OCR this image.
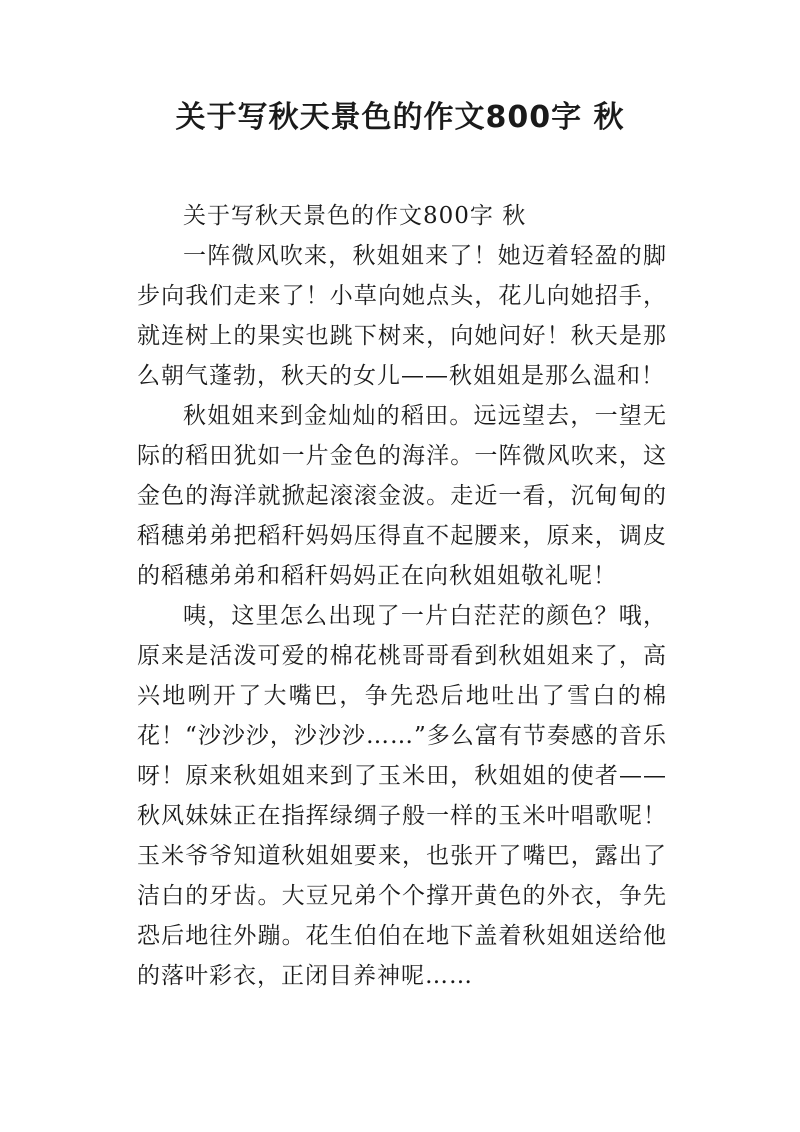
关于写秋天景色的作文800字 秋

关于写秋天景色的作文800字 秋

一阵微风吹来，秋姐姐来了！她迈着轻盈的脚步向我们走来了！小草向她点头，花儿向她招手，就连树上的果实也跳下树来，向她问好！秋天是那么朝气蓬勃，秋天的女儿——秋姐姐是那么温和！

秋姐姐来到金灿灿的稻田。远远望去，一望无际的稻田犹如一片金色的海洋。一阵微风吹来，这金色的海洋就掀起滚滚金波。走近一看，沉甸甸的稻穗弟弟把稻秆妈妈压得直不起腰来，原来，调皮的稻穗弟弟和稻秆妈妈正在向秋姐姐敬礼呢！

咦，这里怎么出现了一片白茫茫的颜色？哦，原来是活泼可爱的棉花桃哥哥看到秋姐姐来了，高兴地咧开了大嘴巴，争先恐后地吐出了雪白的棉花！“沙沙沙，沙沙沙……”多么富有节奏感的音乐呀！原来秋姐姐来到了玉米田，秋姐姐的使者——秋风妹妹正在指挥绿绸子般一样的玉米叶唱歌呢！玉米爷爷知道秋姐姐要来，也张开了嘴巴，露出了洁白的牙齿。大豆兄弟个个撑开黄色的外衣，争先恐后地往外蹦。花生伯伯在地下盖着秋姐姐送给他的落叶彩衣，正闭目养神呢……
